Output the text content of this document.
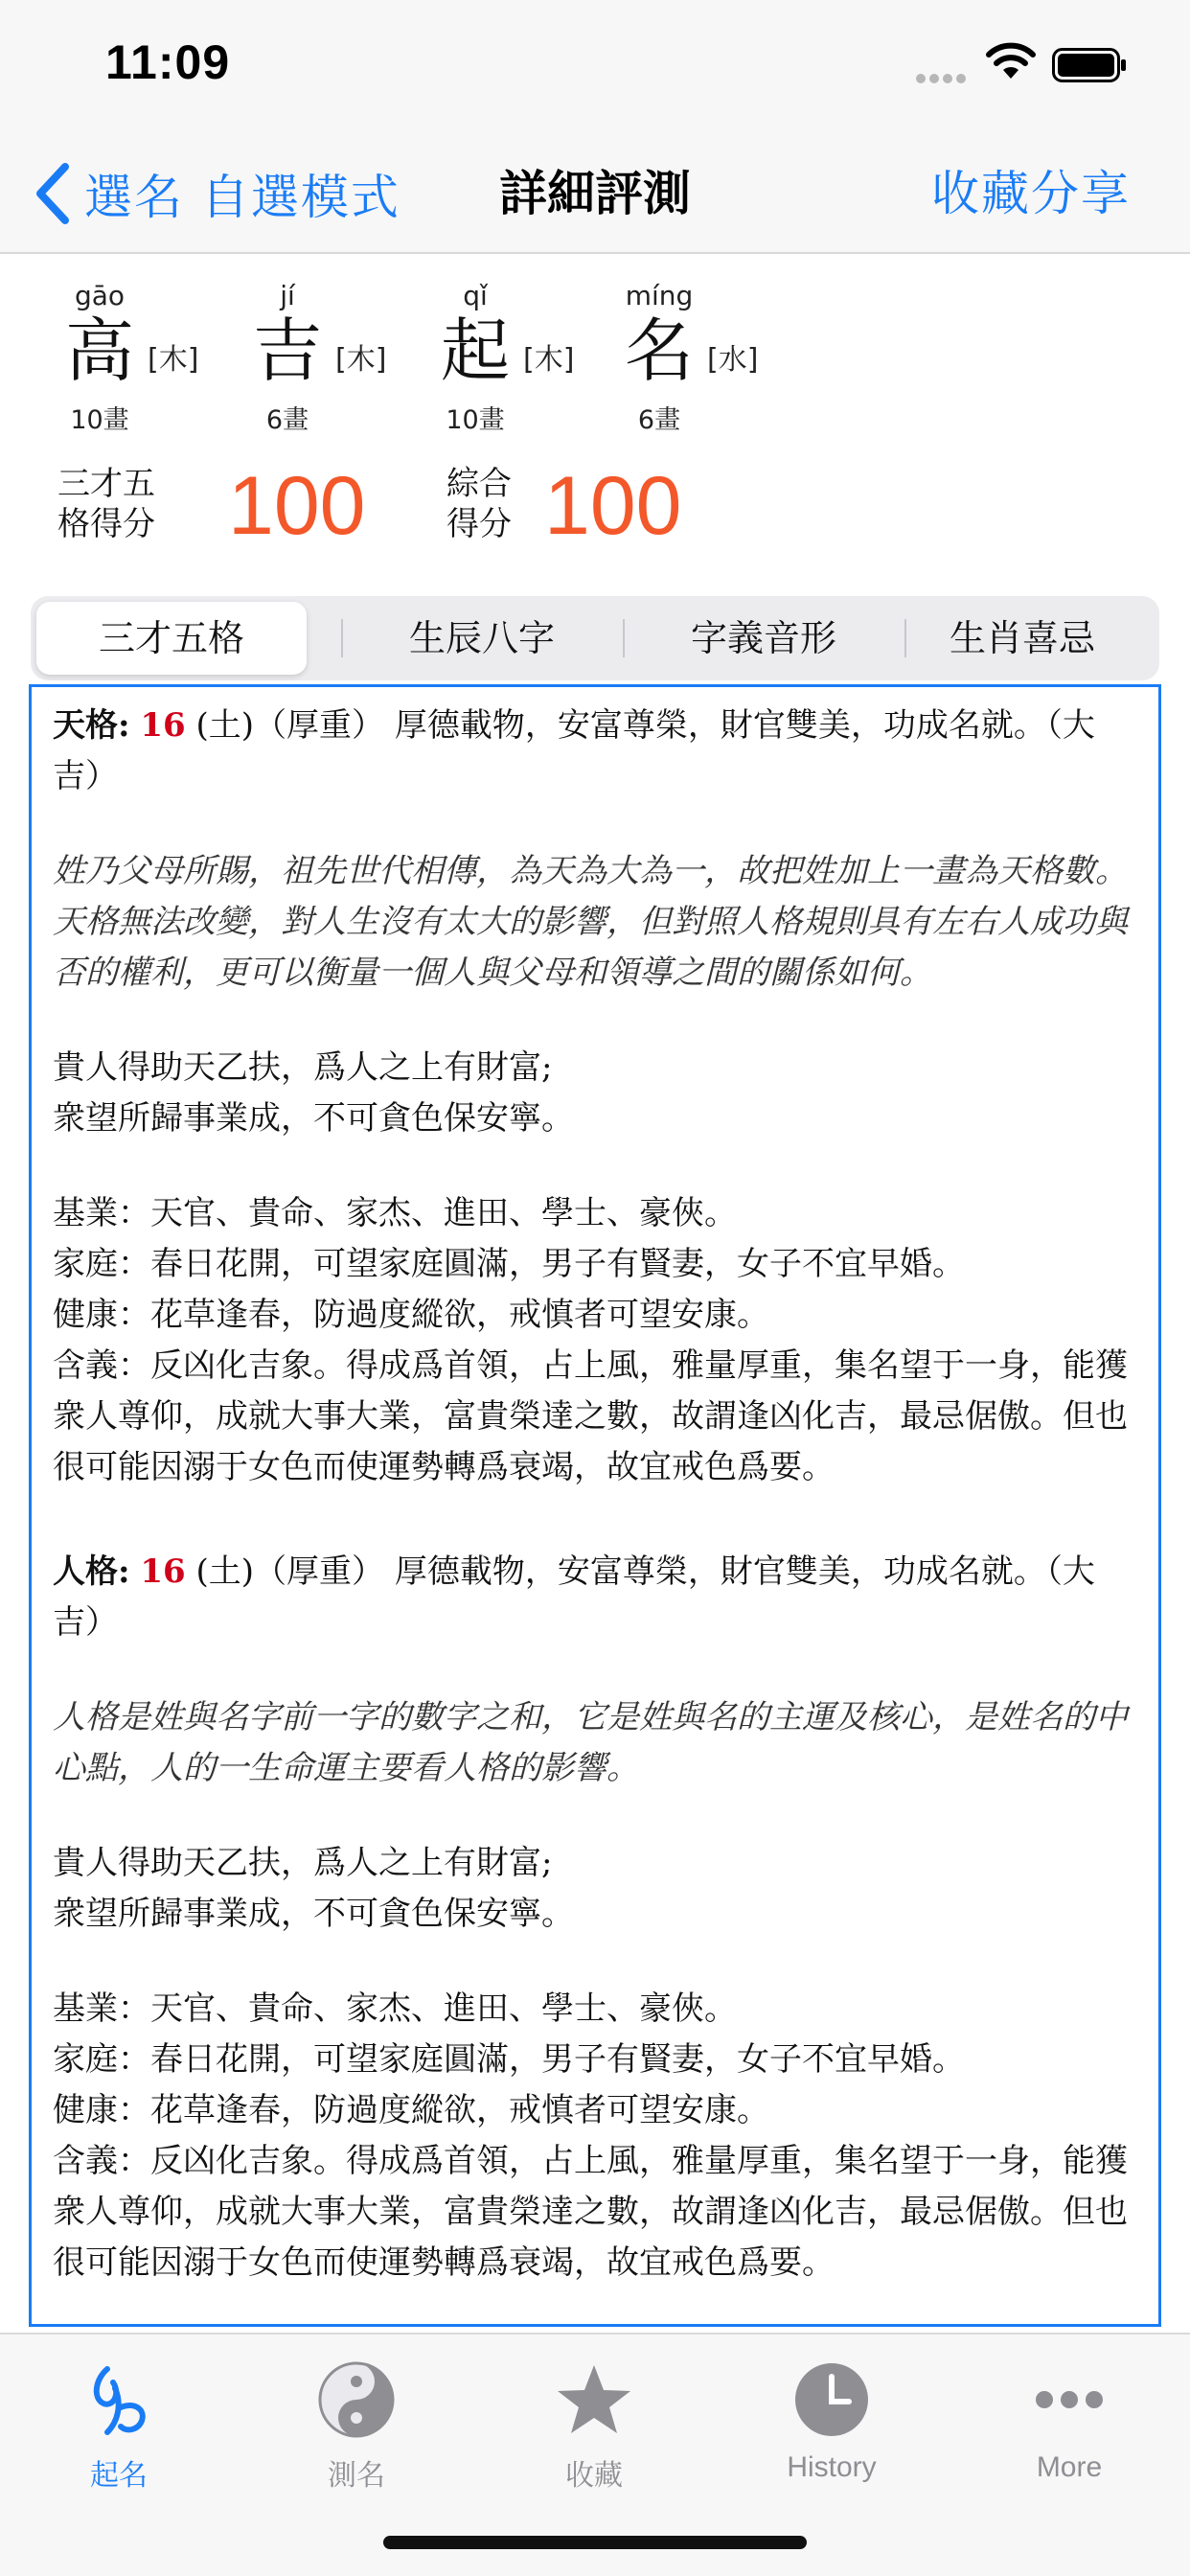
11:09
選名 自選模式	詳細評測	收藏分享
gāo
高 [木]
10畫
jí
吉 [木]
6畫
qǐ
起 [木]
10畫
míng
名 [水]
6畫
三才五
格得分 100 綜合
得分 100
三才五格	生辰八字	字義音形	生肖喜忌

天格: 16 (土)（厚重） 厚德載物，安富尊榮，財官雙美，功成名就。（大吉）

姓乃父母所賜，祖先世代相傳，為天為大為一，故把姓加上一畫為天格數。天格無法改變，對人生沒有太大的影響，但對照人格規則具有左右人成功與否的權利，更可以衡量一個人與父母和領導之間的關係如何。

貴人得助天乙扶，爲人之上有財富;

衆望所歸事業成，不可貪色保安寧。

基業：天官、貴命、家杰、進田、學士、豪俠。

家庭：春日花開，可望家庭圓滿，男子有賢妻，女子不宜早婚。

健康：花草逢春，防過度縱欲，戒慎者可望安康。

含義：反凶化吉象。得成爲首領，占上風，雅量厚重，集名望于一身，能獲衆人尊仰，成就大事大業，富貴榮達之數，故謂逢凶化吉，最忌倨傲。但也很可能因溺于女色而使運勢轉爲衰竭，故宜戒色爲要。

人格: 16 (土)（厚重） 厚德載物，安富尊榮，財官雙美，功成名就。（大吉）

人格是姓與名字前一字的數字之和，它是姓與名的主運及核心，是姓名的中心點，人的一生命運主要看人格的影響。

貴人得助天乙扶，爲人之上有財富;

衆望所歸事業成，不可貪色保安寧。

基業：天官、貴命、家杰、進田、學士、豪俠。

家庭：春日花開，可望家庭圓滿，男子有賢妻，女子不宜早婚。

健康：花草逢春，防過度縱欲，戒慎者可望安康。

含義：反凶化吉象。得成爲首領，占上風，雅量厚重，集名望于一身，能獲衆人尊仰，成就大事大業，富貴榮達之數，故謂逢凶化吉，最忌倨傲。但也很可能因溺于女色而使運勢轉爲衰竭，故宜戒色爲要。

起名	測名	收藏	History	More
